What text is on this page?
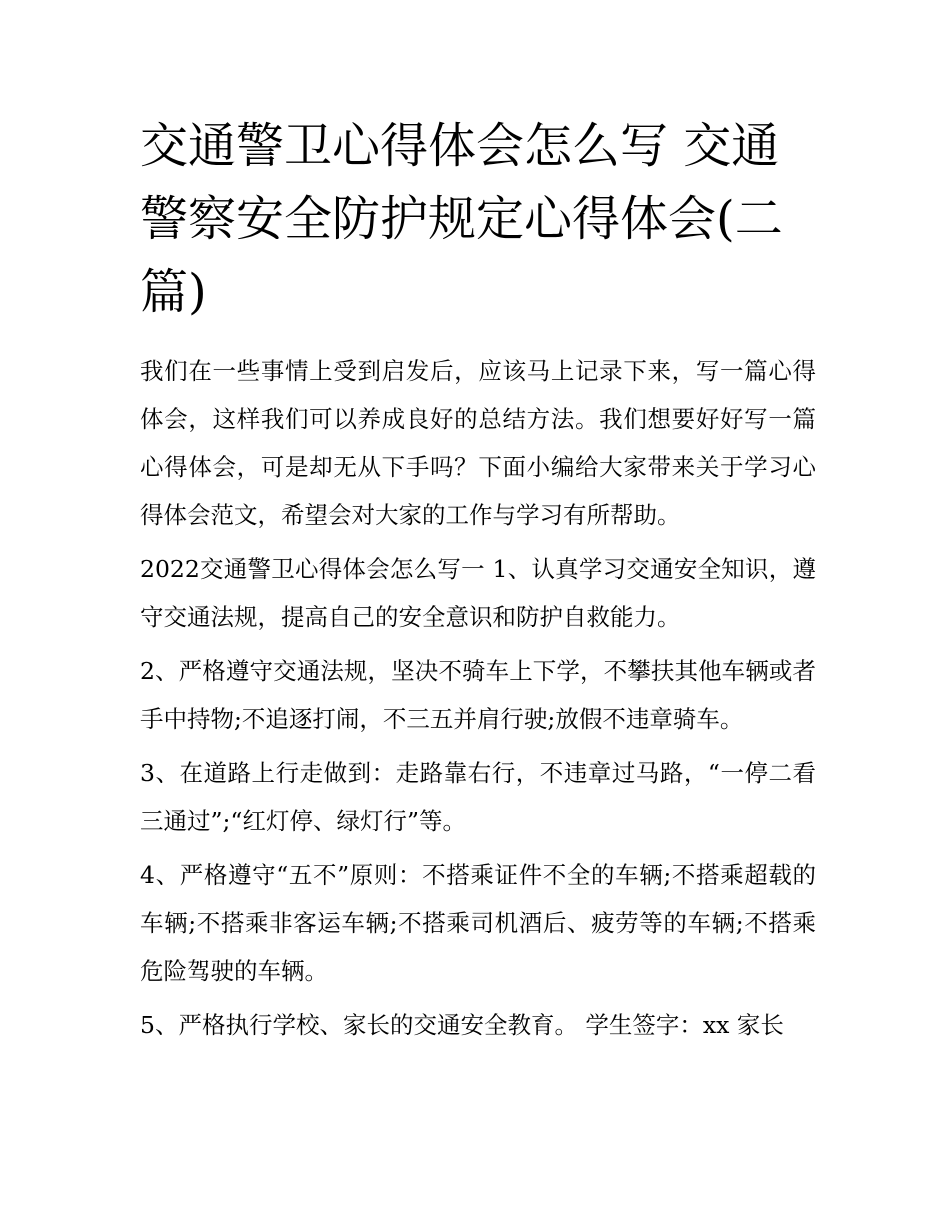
交通警卫心得体会怎么写 交通警察安全防护规定心得体会(二篇)

我们在一些事情上受到启发后，应该马上记录下来，写一篇心得体会，这样我们可以养成良好的总结方法。我们想要好好写一篇心得体会，可是却无从下手吗？下面小编给大家带来关于学习心得体会范文，希望会对大家的工作与学习有所帮助。

2022交通警卫心得体会怎么写一 1、认真学习交通安全知识，遵守交通法规，提高自己的安全意识和防护自救能力。

2、严格遵守交通法规，坚决不骑车上下学，不攀扶其他车辆或者手中持物;不追逐打闹，不三五并肩行驶;放假不违章骑车。

3、在道路上行走做到：走路靠右行，不违章过马路，“一停二看三通过”;“红灯停、绿灯行”等。

4、严格遵守“五不”原则：不搭乘证件不全的车辆;不搭乘超载的车辆;不搭乘非客运车辆;不搭乘司机酒后、疲劳等的车辆;不搭乘危险驾驶的车辆。

5、严格执行学校、家长的交通安全教育。 学生签字：xx 家长
